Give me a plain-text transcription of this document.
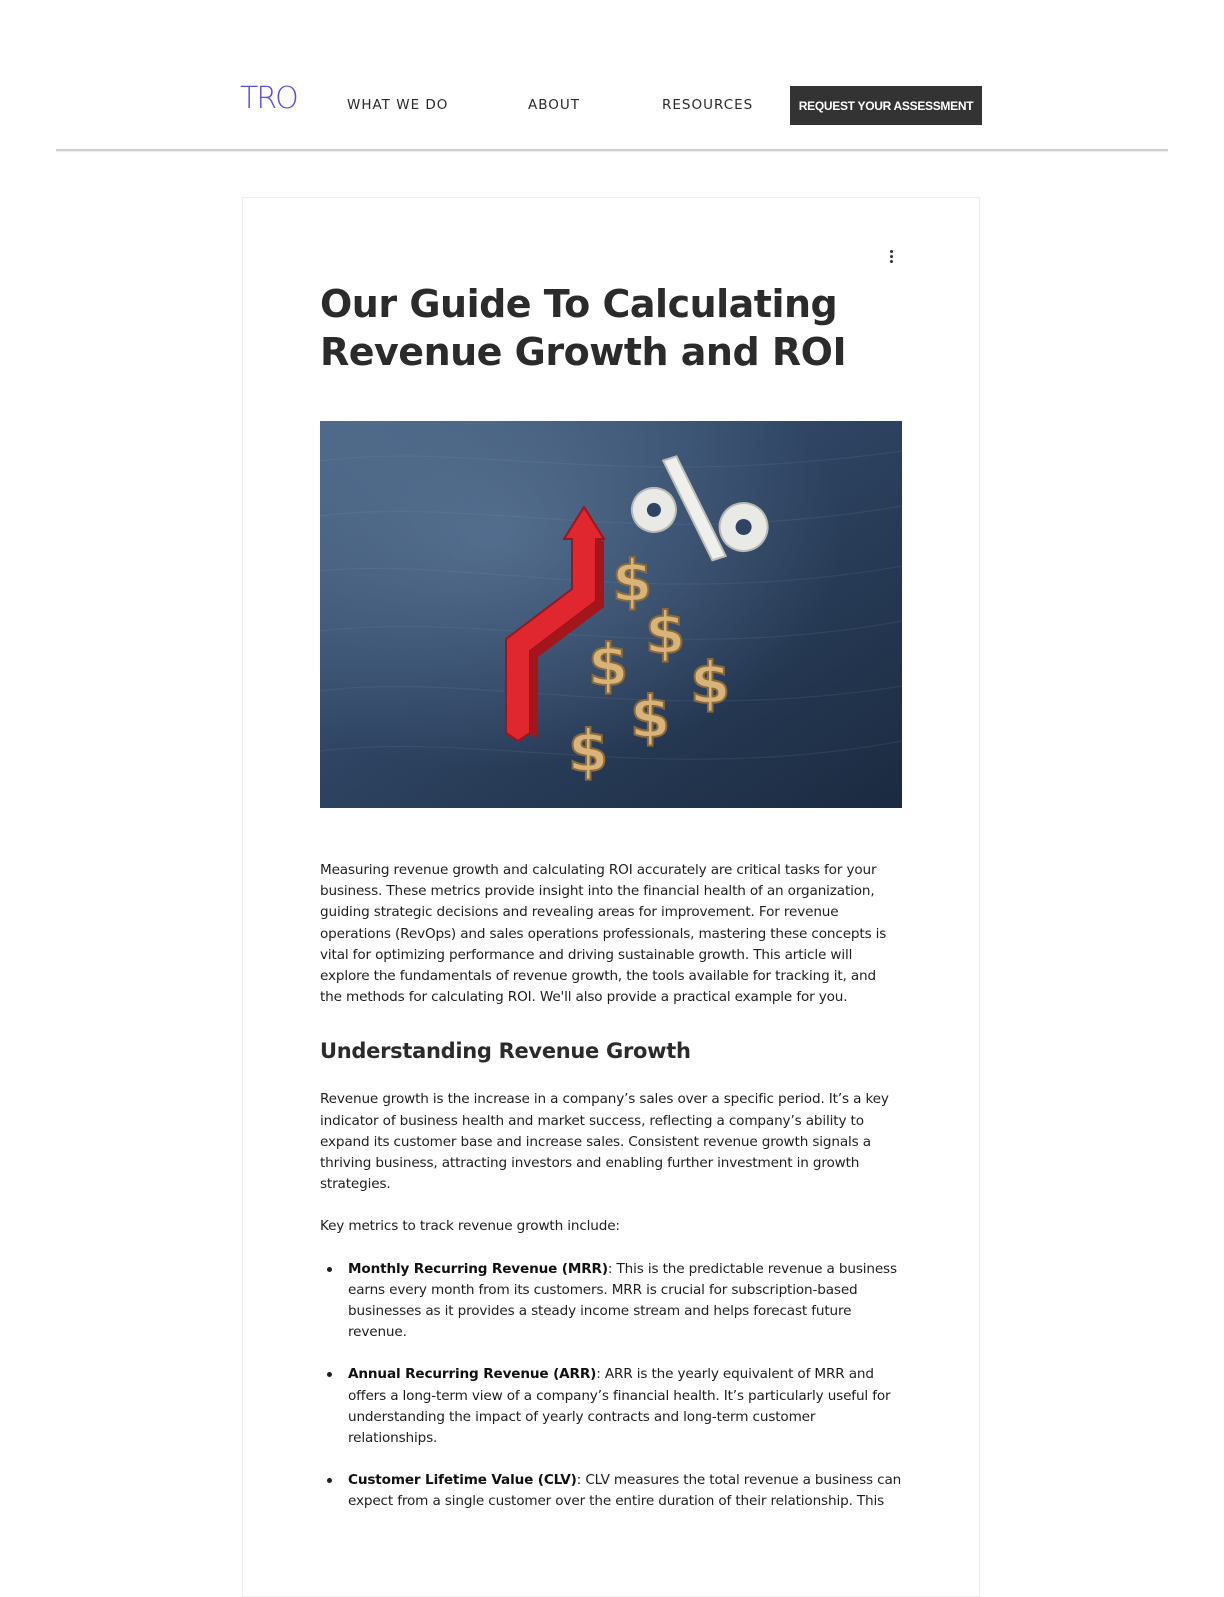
TRO	WHAT WE DO	ABOUT	RESOURCES	REQUEST YOUR ASSESSMENT
Our Guide To Calculating
Revenue Growth and ROI
$
$
$ $
$
$

Measuring revenue growth and calculating ROI accurately are critical tasks for your business. These metrics provide insight into the financial health of an organization, guiding strategic decisions and revealing areas for improvement. For revenue operations (RevOps) and sales operations professionals, mastering these concepts is vital for optimizing performance and driving sustainable growth. This article will explore the fundamentals of revenue growth, the tools available for tracking it, and the methods for calculating ROI. We'll also provide a practical example for you.

Understanding Revenue Growth

Revenue growth is the increase in a company’s sales over a specific period. It’s a key indicator of business health and market success, reflecting a company’s ability to expand its customer base and increase sales. Consistent revenue growth signals a thriving business, attracting investors and enabling further investment in growth strategies.

Key metrics to track revenue growth include:

Monthly Recurring Revenue (MRR): This is the predictable revenue a business earns every month from its customers. MRR is crucial for subscription-based businesses as it provides a steady income stream and helps forecast future revenue.
Annual Recurring Revenue (ARR): ARR is the yearly equivalent of MRR and offers a long-term view of a company’s financial health. It’s particularly useful for understanding the impact of yearly contracts and long-term customer relationships.
Customer Lifetime Value (CLV): CLV measures the total revenue a business can expect from a single customer over the entire duration of their relationship. This
